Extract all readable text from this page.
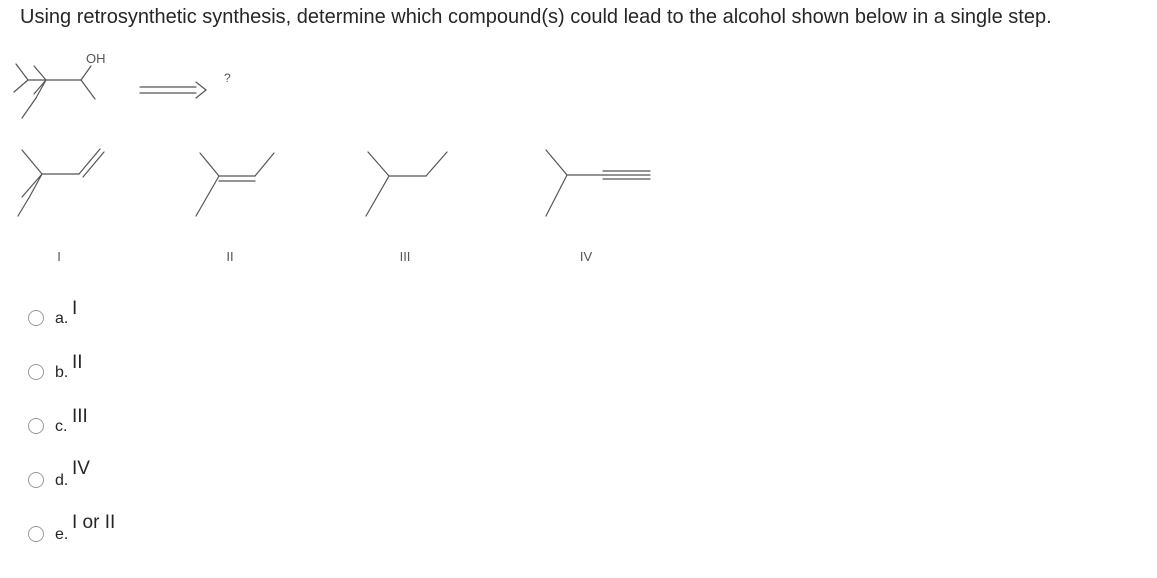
Using retrosynthetic synthesis, determine which compound(s) could lead to the alcohol shown below in a single step.
OH
?
I	II	III	IV
a. I
b. II
c. III
d.
IV
e.
I or II
